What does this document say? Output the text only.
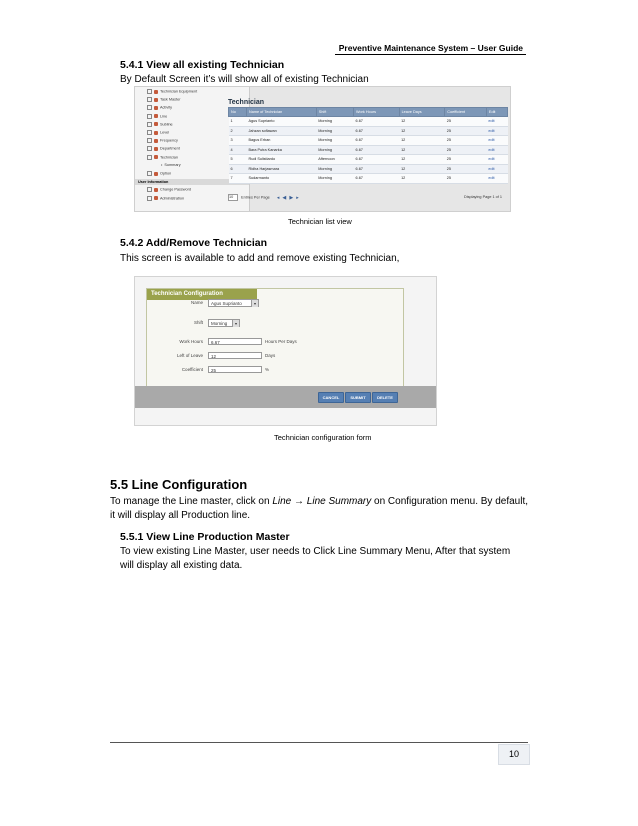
Preventive Maintenance System – User Guide
5.4.1 View all existing Technician
By Default Screen it’s will show all of existing Technician
Technician Equipment
Task Master
Activity
Line
Subline
Level
Frequency
Department
Technician
• Summary
Option
User Information
Change Password
Administration
Technician
No	Name of Technician	Shift	Work Hours	Leave Days	Coefficient	Edit
1	Agus Suprianto	Morning	6.67	12	25	edit
2	Jahzan sofiawan	Morning	6.67	12	25	edit
3	Bagus Erban	Morning	6.67	12	25	edit
4	Bara Putra Kanarka	Morning	6.67	12	25	edit
5	Rudi Sulistiardo	Afternoon	6.67	12	25	edit
6	Ridha Harjasmara	Morning	6.67	12	25	edit
7	Sudarmanto	Morning	6.67	12	25	edit
10 Entries Per Page ◂ ◀ ▶ ▸	Displaying Page 1 of 1
Technician list view
5.4.2 Add/Remove Technician
This screen is available to add and remove existing Technician,
Technician Configuration
Name	Agus Suprianto	▾
Shift	Morning	▾
Work Hours	6.67	Hours Per Days
Left of Leave	12	Days
Coefficient	25	%
CANCEL	SUBMIT	DELETE
Technician configuration form
5.5 Line Configuration
To manage the Line master, click on Line → Line Summary on Configuration menu. By default, it will display all Production line.
5.5.1 View Line Production Master
To view existing Line Master, user needs to Click Line Summary Menu, After that system will display all existing data.
10
